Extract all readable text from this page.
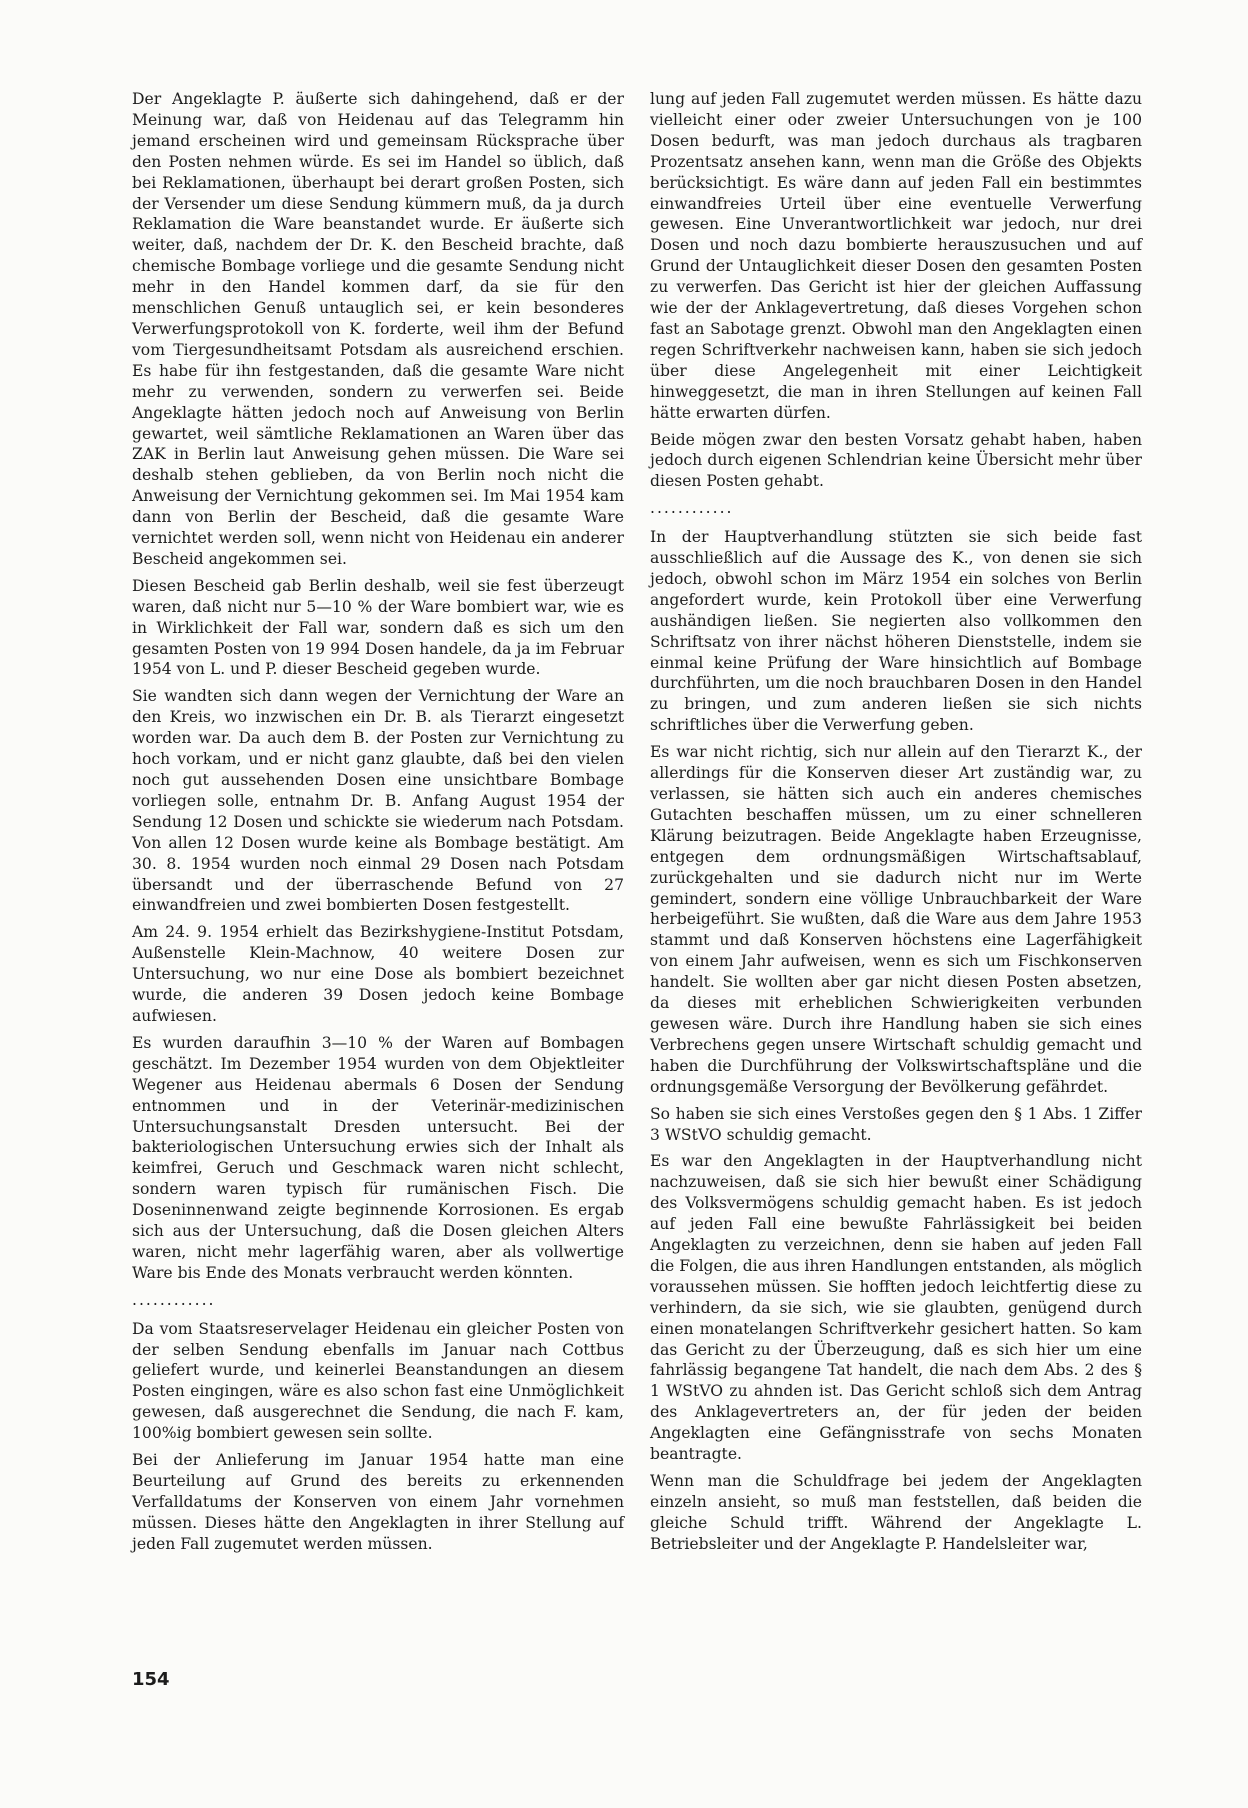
Der Angeklagte P. äußerte sich dahingehend, daß er der Meinung war, daß von Heidenau auf das Telegramm hin jemand erscheinen wird und gemeinsam Rücksprache über den Posten nehmen würde. Es sei im Handel so üblich, daß bei Reklamationen, überhaupt bei derart großen Posten, sich der Versender um diese Sendung kümmern muß, da ja durch Reklamation die Ware beanstandet wurde. Er äußerte sich weiter, daß, nachdem der Dr. K. den Bescheid brachte, daß chemische Bombage vorliege und die gesamte Sendung nicht mehr in den Handel kommen darf, da sie für den menschlichen Genuß untauglich sei, er kein besonderes Verwerfungsprotokoll von K. forderte, weil ihm der Befund vom Tiergesundheitsamt Potsdam als ausreichend erschien. Es habe für ihn festgestanden, daß die gesamte Ware nicht mehr zu verwenden, sondern zu verwerfen sei. Beide Angeklagte hätten jedoch noch auf Anweisung von Berlin gewartet, weil sämtliche Reklamationen an Waren über das ZAK in Berlin laut Anweisung gehen müssen. Die Ware sei deshalb stehen geblieben, da von Berlin noch nicht die Anweisung der Vernichtung gekommen sei. Im Mai 1954 kam dann von Berlin der Bescheid, daß die gesamte Ware vernichtet werden soll, wenn nicht von Heidenau ein anderer Bescheid angekommen sei.

Diesen Bescheid gab Berlin deshalb, weil sie fest überzeugt waren, daß nicht nur 5—10 % der Ware bombiert war, wie es in Wirklichkeit der Fall war, sondern daß es sich um den gesamten Posten von 19 994 Dosen handele, da ja im Februar 1954 von L. und P. dieser Bescheid gegeben wurde.

Sie wandten sich dann wegen der Vernichtung der Ware an den Kreis, wo inzwischen ein Dr. B. als Tierarzt eingesetzt worden war. Da auch dem B. der Posten zur Vernichtung zu hoch vorkam, und er nicht ganz glaubte, daß bei den vielen noch gut aussehenden Dosen eine unsichtbare Bombage vorliegen solle, entnahm Dr. B. Anfang August 1954 der Sendung 12 Dosen und schickte sie wiederum nach Potsdam. Von allen 12 Dosen wurde keine als Bombage bestätigt. Am 30. 8. 1954 wurden noch einmal 29 Dosen nach Potsdam übersandt und der überraschende Befund von 27 einwandfreien und zwei bombierten Dosen festgestellt.

Am 24. 9. 1954 erhielt das Bezirkshygiene-Institut Potsdam, Außenstelle Klein-Machnow, 40 weitere Dosen zur Untersuchung, wo nur eine Dose als bombiert bezeichnet wurde, die anderen 39 Dosen jedoch keine Bombage aufwiesen.

Es wurden daraufhin 3—10 % der Waren auf Bombagen geschätzt. Im Dezember 1954 wurden von dem Objektleiter Wegener aus Heidenau abermals 6 Dosen der Sendung entnommen und in der Veterinär-medizinischen Untersuchungsanstalt Dresden untersucht. Bei der bakteriologischen Untersuchung erwies sich der Inhalt als keimfrei, Geruch und Geschmack waren nicht schlecht, sondern waren typisch für rumänischen Fisch. Die Doseninnenwand zeigte beginnende Korrosionen. Es ergab sich aus der Untersuchung, daß die Dosen gleichen Alters waren, nicht mehr lagerfähig waren, aber als vollwertige Ware bis Ende des Monats verbraucht werden könnten.

............

Da vom Staatsreservelager Heidenau ein gleicher Posten von der selben Sendung ebenfalls im Januar nach Cottbus geliefert wurde, und keinerlei Beanstandungen an diesem Posten eingingen, wäre es also schon fast eine Unmöglichkeit gewesen, daß ausgerechnet die Sendung, die nach F. kam, 100%ig bombiert gewesen sein sollte.

Bei der Anlieferung im Januar 1954 hatte man eine Beurteilung auf Grund des bereits zu erkennenden Verfalldatums der Konserven von einem Jahr vornehmen müssen. Dieses hätte den Angeklagten in ihrer Stellung auf jeden Fall zugemutet werden müssen.

lung auf jeden Fall zugemutet werden müssen. Es hätte dazu vielleicht einer oder zweier Untersuchungen von je 100 Dosen bedurft, was man jedoch durchaus als tragbaren Prozentsatz ansehen kann, wenn man die Größe des Objekts berücksichtigt. Es wäre dann auf jeden Fall ein bestimmtes einwandfreies Urteil über eine eventuelle Verwerfung gewesen. Eine Unverantwortlichkeit war jedoch, nur drei Dosen und noch dazu bombierte herauszusuchen und auf Grund der Untauglichkeit dieser Dosen den gesamten Posten zu verwerfen. Das Gericht ist hier der gleichen Auffassung wie der der Anklagevertretung, daß dieses Vorgehen schon fast an Sabotage grenzt. Obwohl man den Angeklagten einen regen Schriftverkehr nachweisen kann, haben sie sich jedoch über diese Angelegenheit mit einer Leichtigkeit hinweggesetzt, die man in ihren Stellungen auf keinen Fall hätte erwarten dürfen.

Beide mögen zwar den besten Vorsatz gehabt haben, haben jedoch durch eigenen Schlendrian keine Übersicht mehr über diesen Posten gehabt.

............

In der Hauptverhandlung stützten sie sich beide fast ausschließlich auf die Aussage des K., von denen sie sich jedoch, obwohl schon im März 1954 ein solches von Berlin angefordert wurde, kein Protokoll über eine Verwerfung aushändigen ließen. Sie negierten also vollkommen den Schriftsatz von ihrer nächst höheren Dienststelle, indem sie einmal keine Prüfung der Ware hinsichtlich auf Bombage durchführten, um die noch brauchbaren Dosen in den Handel zu bringen, und zum anderen ließen sie sich nichts schriftliches über die Verwerfung geben.

Es war nicht richtig, sich nur allein auf den Tierarzt K., der allerdings für die Konserven dieser Art zuständig war, zu verlassen, sie hätten sich auch ein anderes chemisches Gutachten beschaffen müssen, um zu einer schnelleren Klärung beizutragen. Beide Angeklagte haben Erzeugnisse, entgegen dem ordnungsmäßigen Wirtschaftsablauf, zurückgehalten und sie dadurch nicht nur im Werte gemindert, sondern eine völlige Unbrauchbarkeit der Ware herbeigeführt. Sie wußten, daß die Ware aus dem Jahre 1953 stammt und daß Konserven höchstens eine Lagerfähigkeit von einem Jahr aufweisen, wenn es sich um Fischkonserven handelt. Sie wollten aber gar nicht diesen Posten absetzen, da dieses mit erheblichen Schwierigkeiten verbunden gewesen wäre. Durch ihre Handlung haben sie sich eines Verbrechens gegen unsere Wirtschaft schuldig gemacht und haben die Durchführung der Volkswirtschaftspläne und die ordnungsgemäße Versorgung der Bevölkerung gefährdet.

So haben sie sich eines Verstoßes gegen den § 1 Abs. 1 Ziffer 3 WStVO schuldig gemacht.

Es war den Angeklagten in der Hauptverhandlung nicht nachzuweisen, daß sie sich hier bewußt einer Schädigung des Volksvermögens schuldig gemacht haben. Es ist jedoch auf jeden Fall eine bewußte Fahrlässigkeit bei beiden Angeklagten zu verzeichnen, denn sie haben auf jeden Fall die Folgen, die aus ihren Handlungen entstanden, als möglich voraussehen müssen. Sie hofften jedoch leichtfertig diese zu verhindern, da sie sich, wie sie glaubten, genügend durch einen monatelangen Schriftverkehr gesichert hatten. So kam das Gericht zu der Überzeugung, daß es sich hier um eine fahrlässig begangene Tat handelt, die nach dem Abs. 2 des § 1 WStVO zu ahnden ist. Das Gericht schloß sich dem Antrag des Anklagevertreters an, der für jeden der beiden Angeklagten eine Gefängnisstrafe von sechs Monaten beantragte.

Wenn man die Schuldfrage bei jedem der Angeklagten einzeln ansieht, so muß man feststellen, daß beiden die gleiche Schuld trifft. Während der Angeklagte L. Betriebsleiter und der Angeklagte P. Handelsleiter war,

154
